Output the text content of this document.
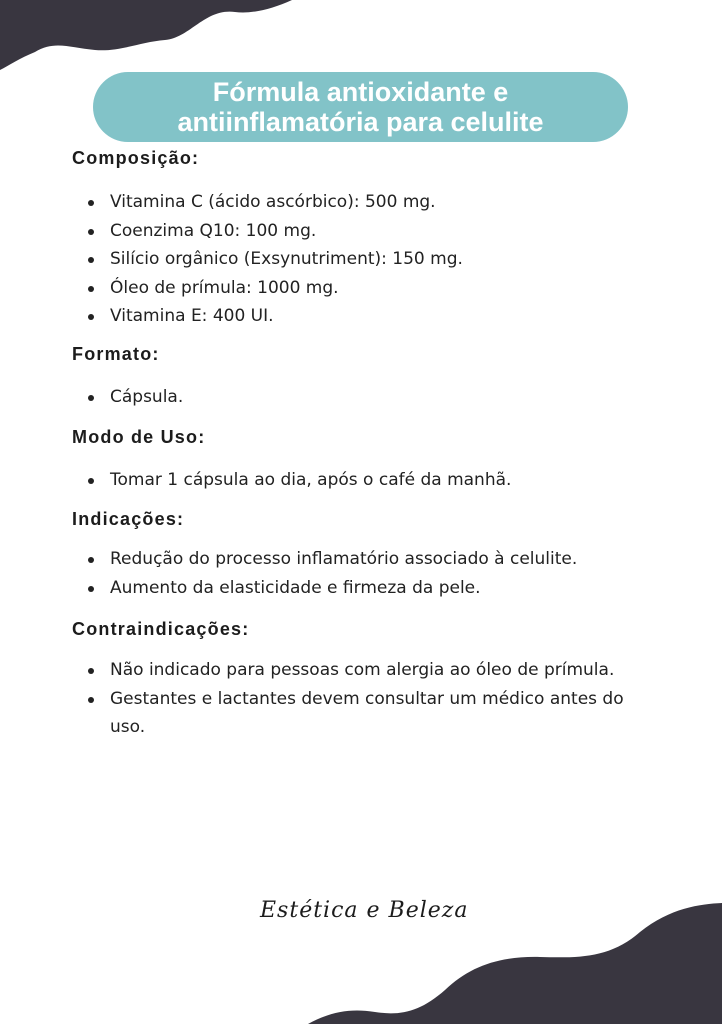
Fórmula antioxidante e antiinflamatória para celulite
Composição:
Vitamina C (ácido ascórbico): 500 mg.
Coenzima Q10: 100 mg.
Silício orgânico (Exsynutriment): 150 mg.
Óleo de prímula: 1000 mg.
Vitamina E: 400 UI.
Formato:
Cápsula.
Modo de Uso:
Tomar 1 cápsula ao dia, após o café da manhã.
Indicações:
Redução do processo inflamatório associado à celulite.
Aumento da elasticidade e firmeza da pele.
Contraindicações:
Não indicado para pessoas com alergia ao óleo de prímula.
Gestantes e lactantes devem consultar um médico antes do uso.
Estética e Beleza
